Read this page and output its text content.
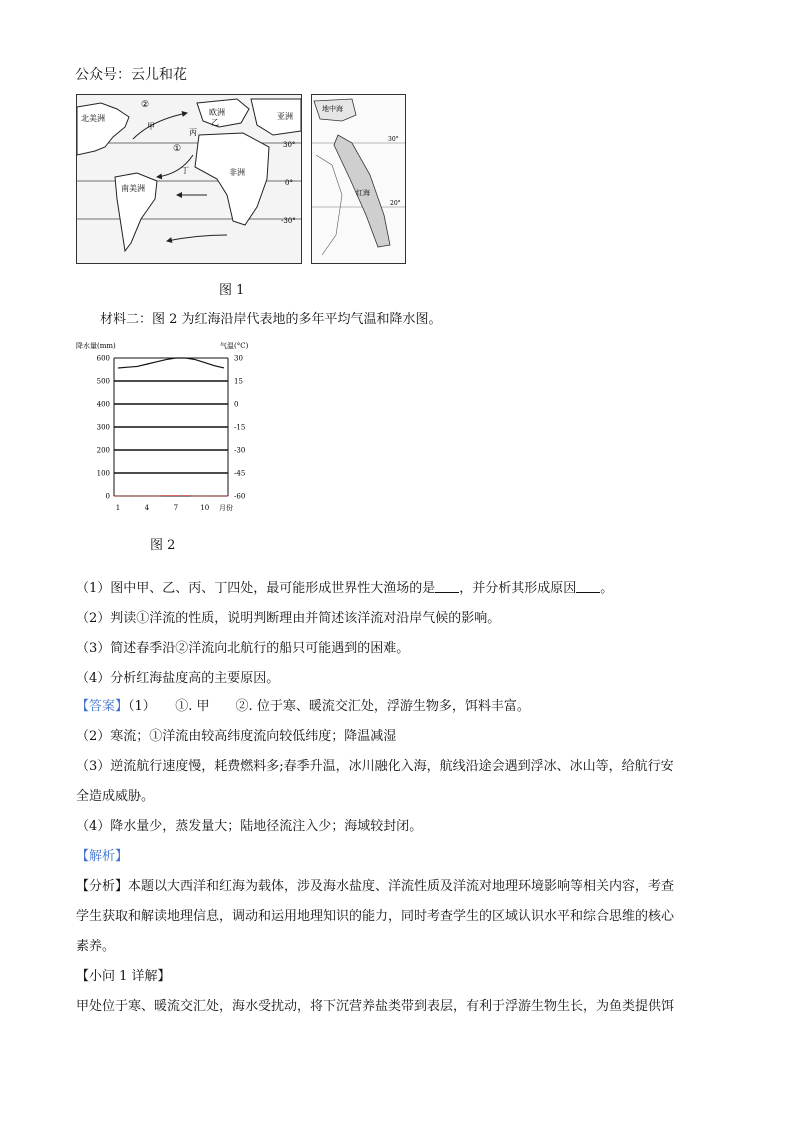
公众号：云儿和花
北美洲
欧洲	亚洲
非洲
南美洲
甲
丙
丁
乙
②
①	30°
0°
-30°
地中海
红海
30°
20°
图 1
材料二：图 2 为红海沿岸代表地的多年平均气温和降水图。
降水量(mm)	气温(°C)
月份
600
500
400
300
200
100
0
30
15
0
-15
-30
-45
-60
1	4	7	10
图 2
（1）图中甲、乙、丙、丁四处，最可能形成世界性大渔场的是 ，并分析其形成原因 。
（2）判读①洋流的性质，说明判断理由并简述该洋流对沿岸气候的影响。
（3）简述春季沿②洋流向北航行的船只可能遇到的困难。
（4）分析红海盐度高的主要原因。
【答案】（1）　　①. 甲　　②. 位于寒、暖流交汇处，浮游生物多，饵料丰富。
（2）寒流；①洋流由较高纬度流向较低纬度；降温减湿
（3）逆流航行速度慢，耗费燃料多;春季升温，冰川融化入海，航线沿途会遇到浮冰、冰山等，给航行安
全造成威胁。
（4）降水量少，蒸发量大；陆地径流注入少；海域较封闭。
【解析】
【分析】本题以大西洋和红海为载体，涉及海水盐度、洋流性质及洋流对地理环境影响等相关内容，考查
学生获取和解读地理信息，调动和运用地理知识的能力，同时考查学生的区域认识水平和综合思维的核心
素养。
【小问 1 详解】
甲处位于寒、暖流交汇处，海水受扰动，将下沉营养盐类带到表层，有利于浮游生物生长，为鱼类提供饵
